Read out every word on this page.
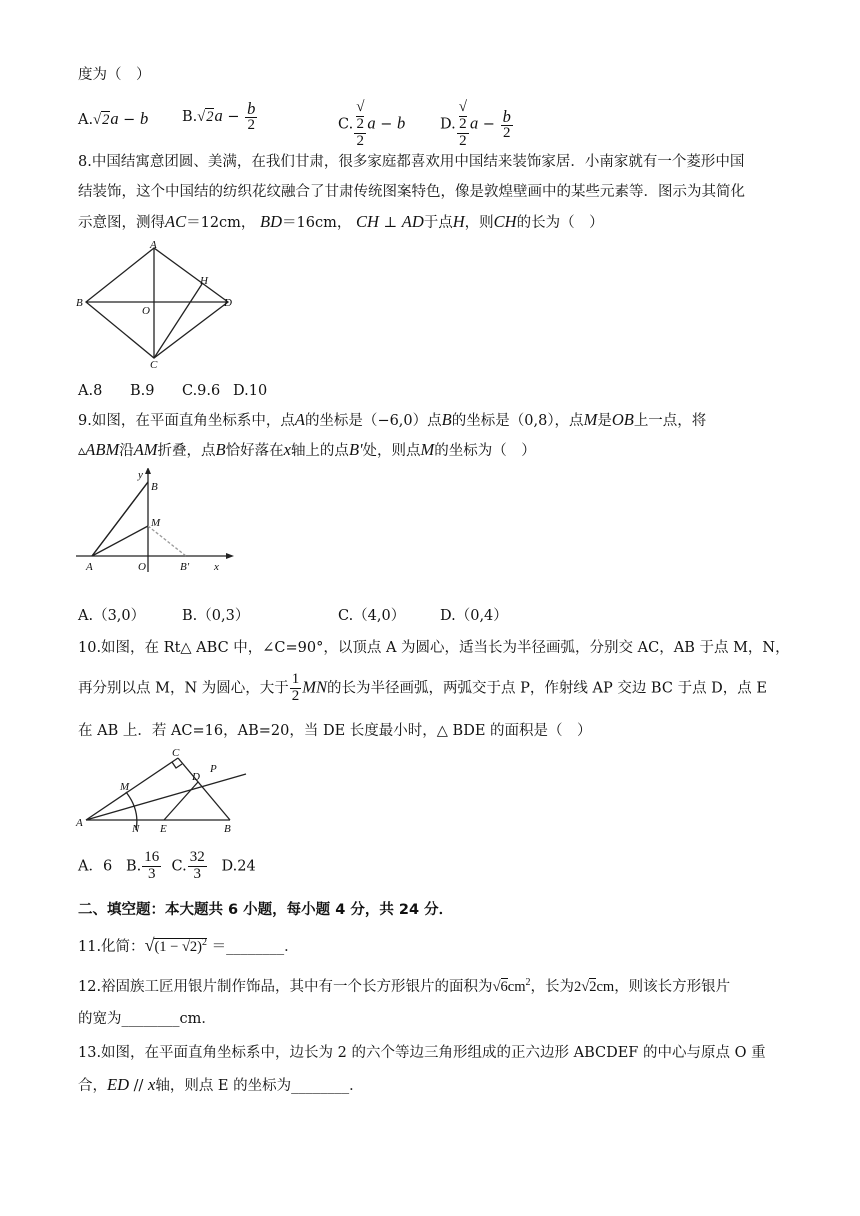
度为（　）
A.√2a − b $B.√2a - \frac{b}{2}$	C. √
2
2 a − b D. √
2
2 $a - \frac{b}{2}$
8.中国结寓意团圆、美满，在我们甘肃，很多家庭都喜欢用中国结来装饰家居．小南家就有一个菱形中国
结装饰，这个中国结的纺织花纹融合了甘肃传统图案特色，像是敦煌壁画中的某些元素等．图示为其简化
示意图，测得AC＝12cm， BD＝16cm， CH ⊥ AD于点H，则CH的长为（　）
A
B
O
H
D
C
A.8 B.9 C.9.6 D.10
9.如图，在平面直角坐标系中，点A的坐标是（−6,0）点B的坐标是（0,8），点M是OB上一点，将
▵ABM沿AM折叠，点B恰好落在x轴上的点B'处，则点M的坐标为（　）
y
B
M
A	O	B' x
A.（3,0）	B.（0,3）	C.（4,0） D.（0,4）
10.如图，在 Rt△ ABC 中，∠C=90°，以顶点 A 为圆心，适当长为半径画弧，分别交 AC，AB 于点 M，N，
再分别以点 M，N 为圆心，大于 $\frac{1}{2}$ MN的长为半径画弧，两弧交于点 P，作射线 AP 交边 BC 于点 D，点 E
在 AB 上．若 AC=16，AB=20，当 DE 长度最小时，△ BDE 的面积是（　）
C
M
D
P
A	N E	B
A．6 B. $\frac{16}{3} C$. $\frac{32}{3} D.24$
二、填空题：本大题共 6 小题，每小题 4 分，共 24 分．
11.化简：$√(1 - √2)^2$ ＝________．
12.裕固族工匠用银片制作饰品，其中有一个长方形银片的面积为$√6cm^2$，长为2√2cm，则该长方形银片
的宽为________cm．
13.如图，在平面直角坐标系中，边长为 2 的六个等边三角形组成的正六边形 ABCDEF 的中心与原点 O 重
合，ED // x轴，则点 E 的坐标为________．
